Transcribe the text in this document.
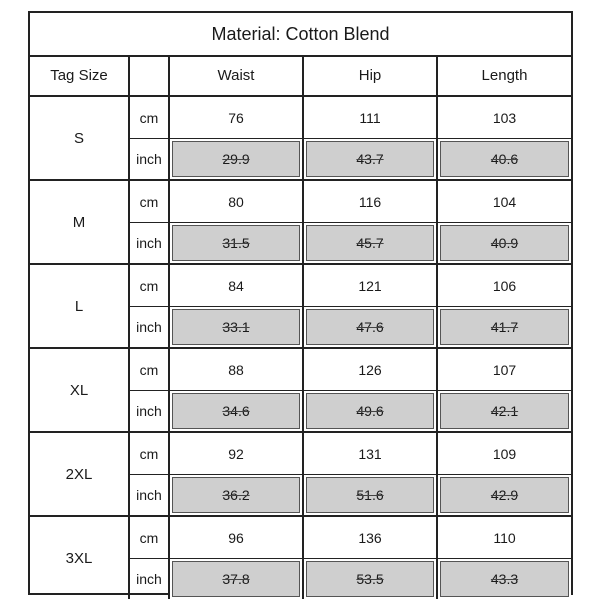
Material: Cotton Blend
Tag Size	Waist	Hip	Length
S
cm	76	111	103
inch	29.9	43.7	40.6
M
cm	80	116	104
inch	31.5	45.7	40.9
L
cm	84	121	106
inch	33.1	47.6	41.7
XL
cm	88	126	107
inch	34.6	49.6	42.1
2XL
cm	92	131	109
inch	36.2	51.6	42.9
3XL
cm	96	136	110
inch	37.8	53.5	43.3
